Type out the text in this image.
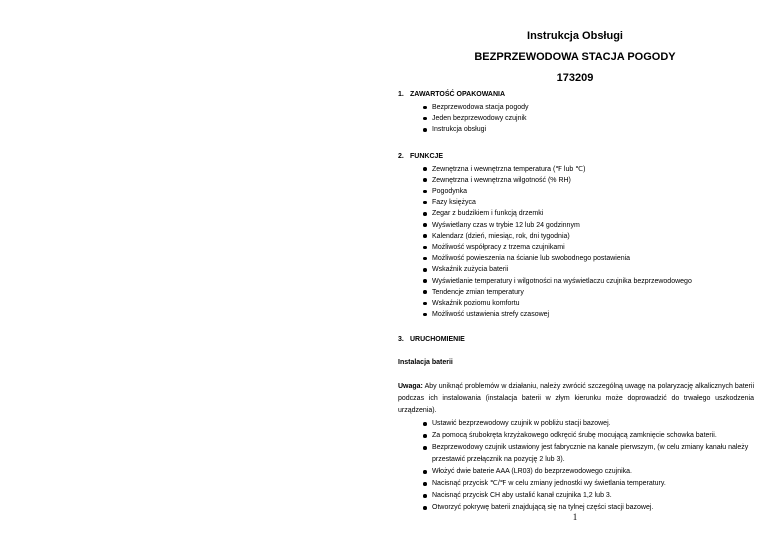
Instrukcja Obsługi
BEZPRZEWODOWA STACJA POGODY
173209
1. ZAWARTOŚĆ OPAKOWANIA
Bezprzewodowa stacja pogody
Jeden bezprzewodowy czujnik
Instrukcja obsługi
2. FUNKCJE
Zewnętrzna i wewnętrzna temperatura (℉ lub ℃)
Zewnętrzna i wewnętrzna wilgotność (% RH)
Pogodynka
Fazy księżyca
Zegar z budzikiem i funkcją drzemki
Wyświetlany czas w trybie 12 lub 24 godzinnym
Kalendarz (dzień, miesiąc, rok, dni tygodnia)
Możliwość współpracy z trzema czujnikami
Możliwość powieszenia na ścianie lub swobodnego postawienia
Wskaźnik zużycia baterii
Wyświetlanie temperatury i wilgotności na wyświetlaczu czujnika bezprzewodowego
Tendencje zmian temperatury
Wskaźnik poziomu komfortu
Możliwość ustawienia strefy czasowej
3. URUCHOMIENIE
Instalacja baterii
Uwaga: Aby uniknąć problemów w działaniu, należy zwrócić szczególną uwagę na polaryzację alkalicznych baterii podczas ich instalowania (instalacja baterii w złym kierunku może doprowadzić do trwałego uszkodzenia urządzenia).
Ustawić bezprzewodowy czujnik w pobliżu stacji bazowej.
Za pomocą śrubokręta krzyżakowego odkręcić śrubę mocującą zamknięcie schowka baterii.
Bezprzewodowy czujnik ustawiony jest fabrycznie na kanale pierwszym, (w celu zmiany kanału należy przestawić przełącznik na pozycję 2 lub 3).
Włożyć dwie baterie AAA (LR03) do bezprzewodowego czujnika.
Nacisnąć przycisk ℃/℉ w celu zmiany jednostki wy świetlania temperatury.
Nacisnąć przycisk CH aby ustalić kanał czujnika 1,2 lub 3.
Otworzyć pokrywę baterii znajdującą się na tylnej części stacji bazowej.
1
